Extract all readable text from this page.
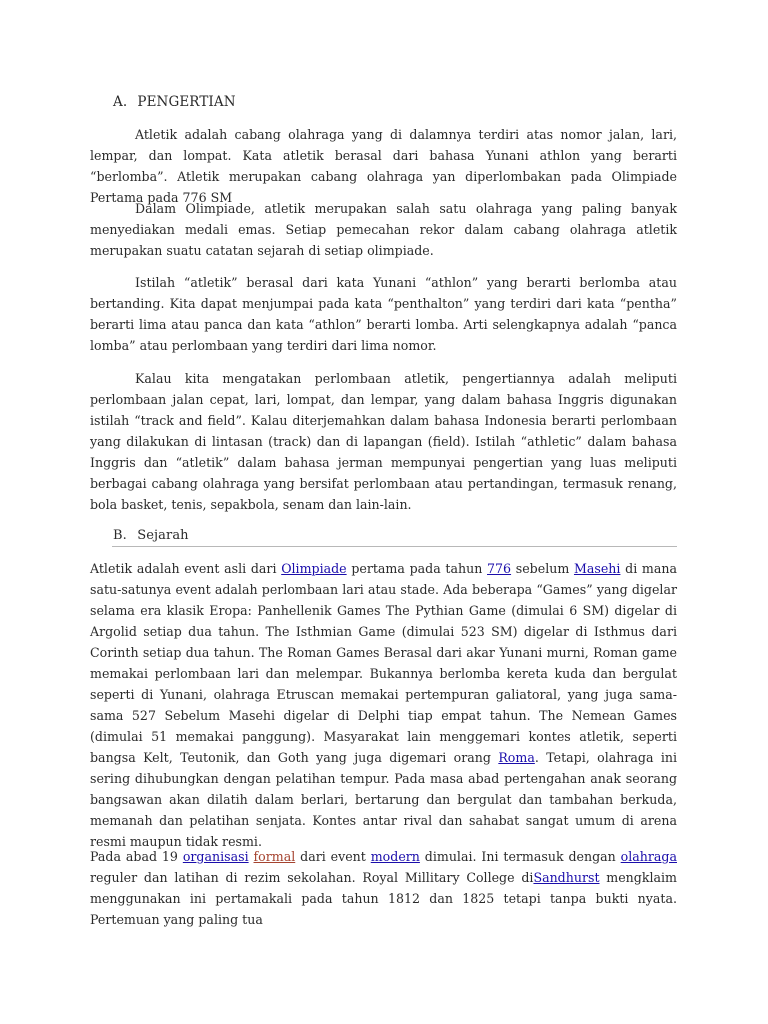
A. PENGERTIAN

Atletik adalah cabang olahraga yang di dalamnya terdiri atas nomor jalan, lari, lempar, dan lompat. Kata atletik berasal dari bahasa Yunani athlon yang berarti “berlomba”. Atletik merupakan cabang olahraga yan diperlombakan pada Olimpiade Pertama pada 776 SM

Dalam Olimpiade, atletik merupakan salah satu olahraga yang paling banyak menyediakan medali emas. Setiap pemecahan rekor dalam cabang olahraga atletik merupakan suatu catatan sejarah di setiap olimpiade.

Istilah “atletik” berasal dari kata Yunani “athlon” yang berarti berlomba atau bertanding. Kita dapat menjumpai pada kata “penthalton” yang terdiri dari kata “pentha” berarti lima atau panca dan kata “athlon” berarti lomba. Arti selengkapnya adalah “panca lomba” atau perlombaan yang terdiri dari lima nomor.

Kalau kita mengatakan perlombaan atletik, pengertiannya adalah meliputi perlombaan jalan cepat, lari, lompat, dan lempar, yang dalam bahasa Inggris digunakan istilah “track and field”. Kalau diterjemahkan dalam bahasa Indonesia berarti perlombaan yang dilakukan di lintasan (track) dan di lapangan (field). Istilah “athletic” dalam bahasa Inggris dan “atletik” dalam bahasa jerman mempunyai pengertian yang luas meliputi berbagai cabang olahraga yang bersifat perlombaan atau pertandingan, termasuk renang, bola basket, tenis, sepakbola, senam dan lain-lain.

B. Sejarah

Atletik adalah event asli dari Olimpiade pertama pada tahun 776 sebelum Masehi di mana satu-satunya event adalah perlombaan lari atau stade. Ada beberapa “Games” yang digelar selama era klasik Eropa: Panhellenik Games The Pythian Game (dimulai 6 SM) digelar di Argolid setiap dua tahun. The Isthmian Game (dimulai 523 SM) digelar di Isthmus dari Corinth setiap dua tahun. The Roman Games Berasal dari akar Yunani murni, Roman game memakai perlombaan lari dan melempar. Bukannya berlomba kereta kuda dan bergulat seperti di Yunani, olahraga Etruscan memakai pertempuran galiatoral, yang juga sama-sama 527 Sebelum Masehi digelar di Delphi tiap empat tahun. The Nemean Games (dimulai 51 memakai panggung). Masyarakat lain menggemari kontes atletik, seperti bangsa Kelt, Teutonik, dan Goth yang juga digemari orang Roma. Tetapi, olahraga ini sering dihubungkan dengan pelatihan tempur. Pada masa abad pertengahan anak seorang bangsawan akan dilatih dalam berlari, bertarung dan bergulat dan tambahan berkuda, memanah dan pelatihan senjata. Kontes antar rival dan sahabat sangat umum di arena resmi maupun tidak resmi.

Pada abad 19 organisasi formal dari event modern dimulai. Ini termasuk dengan olahraga reguler dan latihan di rezim sekolahan. Royal Millitary College diSandhurst mengklaim menggunakan ini pertamakali pada tahun 1812 dan 1825 tetapi tanpa bukti nyata. Pertemuan yang paling tua
